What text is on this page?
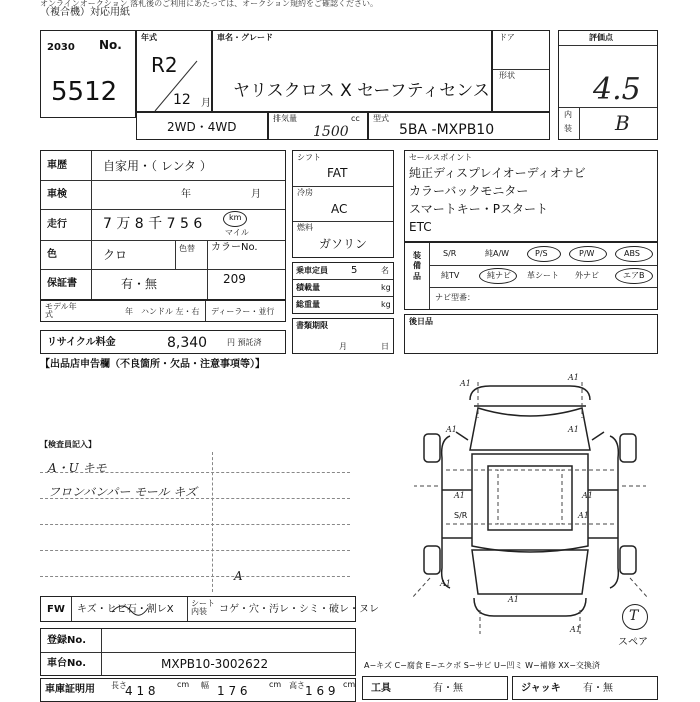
オンラインオークション 落札後のご利用にあたっては、オークション規約をご確認ください。
（複合機）対応用紙
2030 No.
5512
年式
R2
12 月
車名・グレード
ヤリスクロス X セーフティセンス
ドア
形状
評価点
4.5
内
装 B
2WD・4WD
排気量	cc
1500
型式
5BA -MXPB10
車歴	自家用・（ レンタ ）
車検	年	月
走行	7 万 8 千 7 5 6	km
マイル
色	クロ	色替	カラーNo.
209
保証書	有・無
モデル年式	年 ハンドル 左・右 ディーラー・並行
リサイクル料金	8,340 円 預託済
シフト
FAT
冷房
AC
燃料
ガソリン
乗車定員 5	名
積載量	kg
総重量	kg
書類期限
月	日
セールスポイント
純正ディスプレイオーディオナビ
カラーバックモニター
スマートキー・Pスタート
ETC
装備品
S/R	純A/W	P/S	P/W	ABS
純TV	純ナビ 革シート 外ナビ	エアB
ナビ型番：
後日品
【出品店申告欄（不良箇所・欠品・注意事項等）】
【検査員記入】
A・U キモ
フロンバンパー モール キズ
A1
A1
A1	A1
A1	A1
S/R	A1
A1
A
A1
A1
T
スペア
FW キズ・ヒビ石・割レX
シート内装	コゲ・穴・汚レ・シミ・破レ・ヌレ
登録No.
車台No.	MXPB10-3002622
車庫証明用 長さ
4 1 8	cm 幅 1 7 6	cm 高さ 1 6 9 cm
A−キズ C−腐食 E−エクボ S−サビ U−凹ミ W−補修 XX−交換済
工具	有・無	ジャッキ 有・無
